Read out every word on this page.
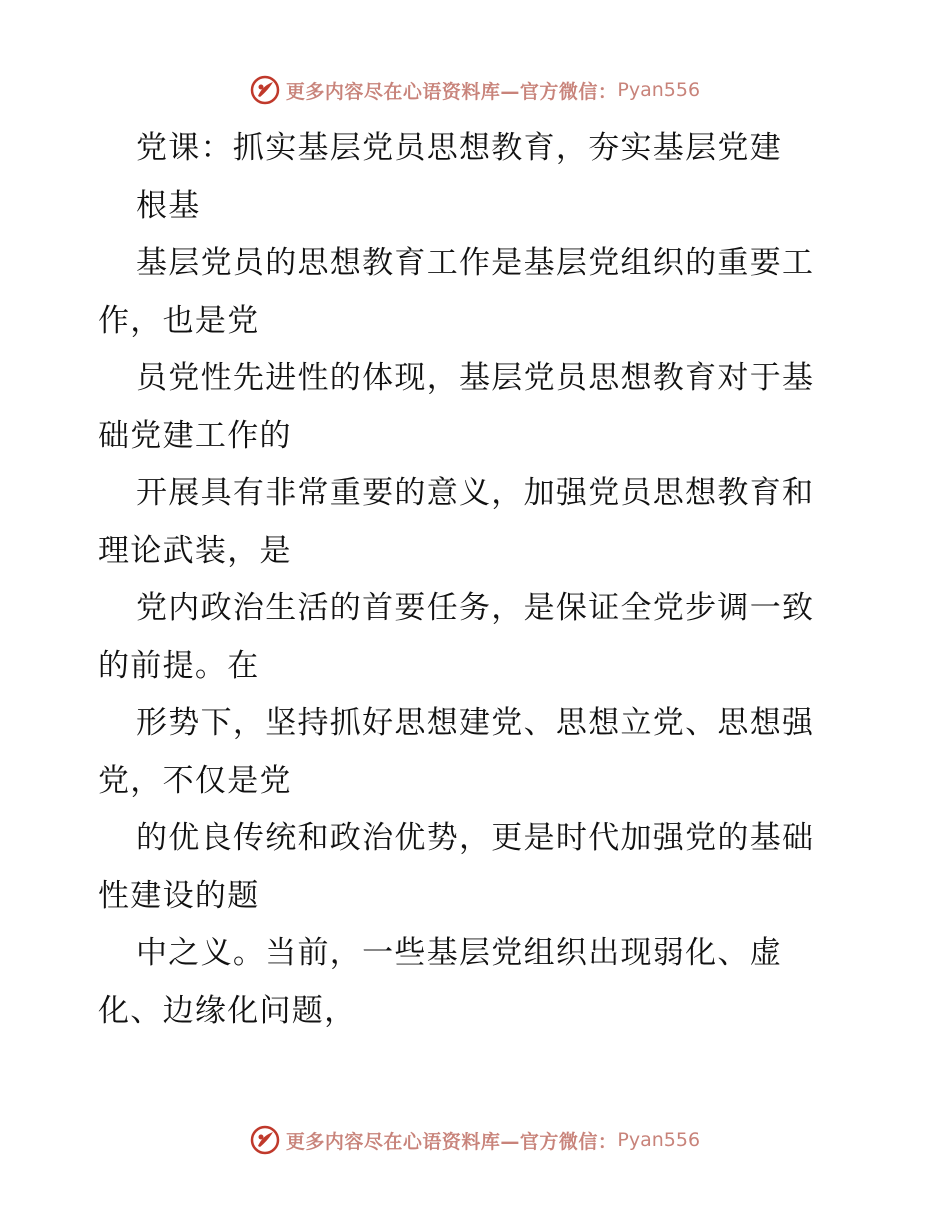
更多内容尽在心语资料库—官方微信： Pyan556
党课：抓实基层党员思想教育，夯实基层党建
根基
基层党员的思想教育工作是基层党组织的重要工
作，也是党
员党性先进性的体现，基层党员思想教育对于基
础党建工作的
开展具有非常重要的意义，加强党员思想教育和
理论武装，是
党内政治生活的首要任务，是保证全党步调一致
的前提。在
形势下，坚持抓好思想建党、思想立党、思想强
党，不仅是党
的优良传统和政治优势，更是时代加强党的基础
性建设的题
中之义。当前，一些基层党组织出现弱化、虚
化、边缘化问题，
更多内容尽在心语资料库—官方微信： Pyan556
